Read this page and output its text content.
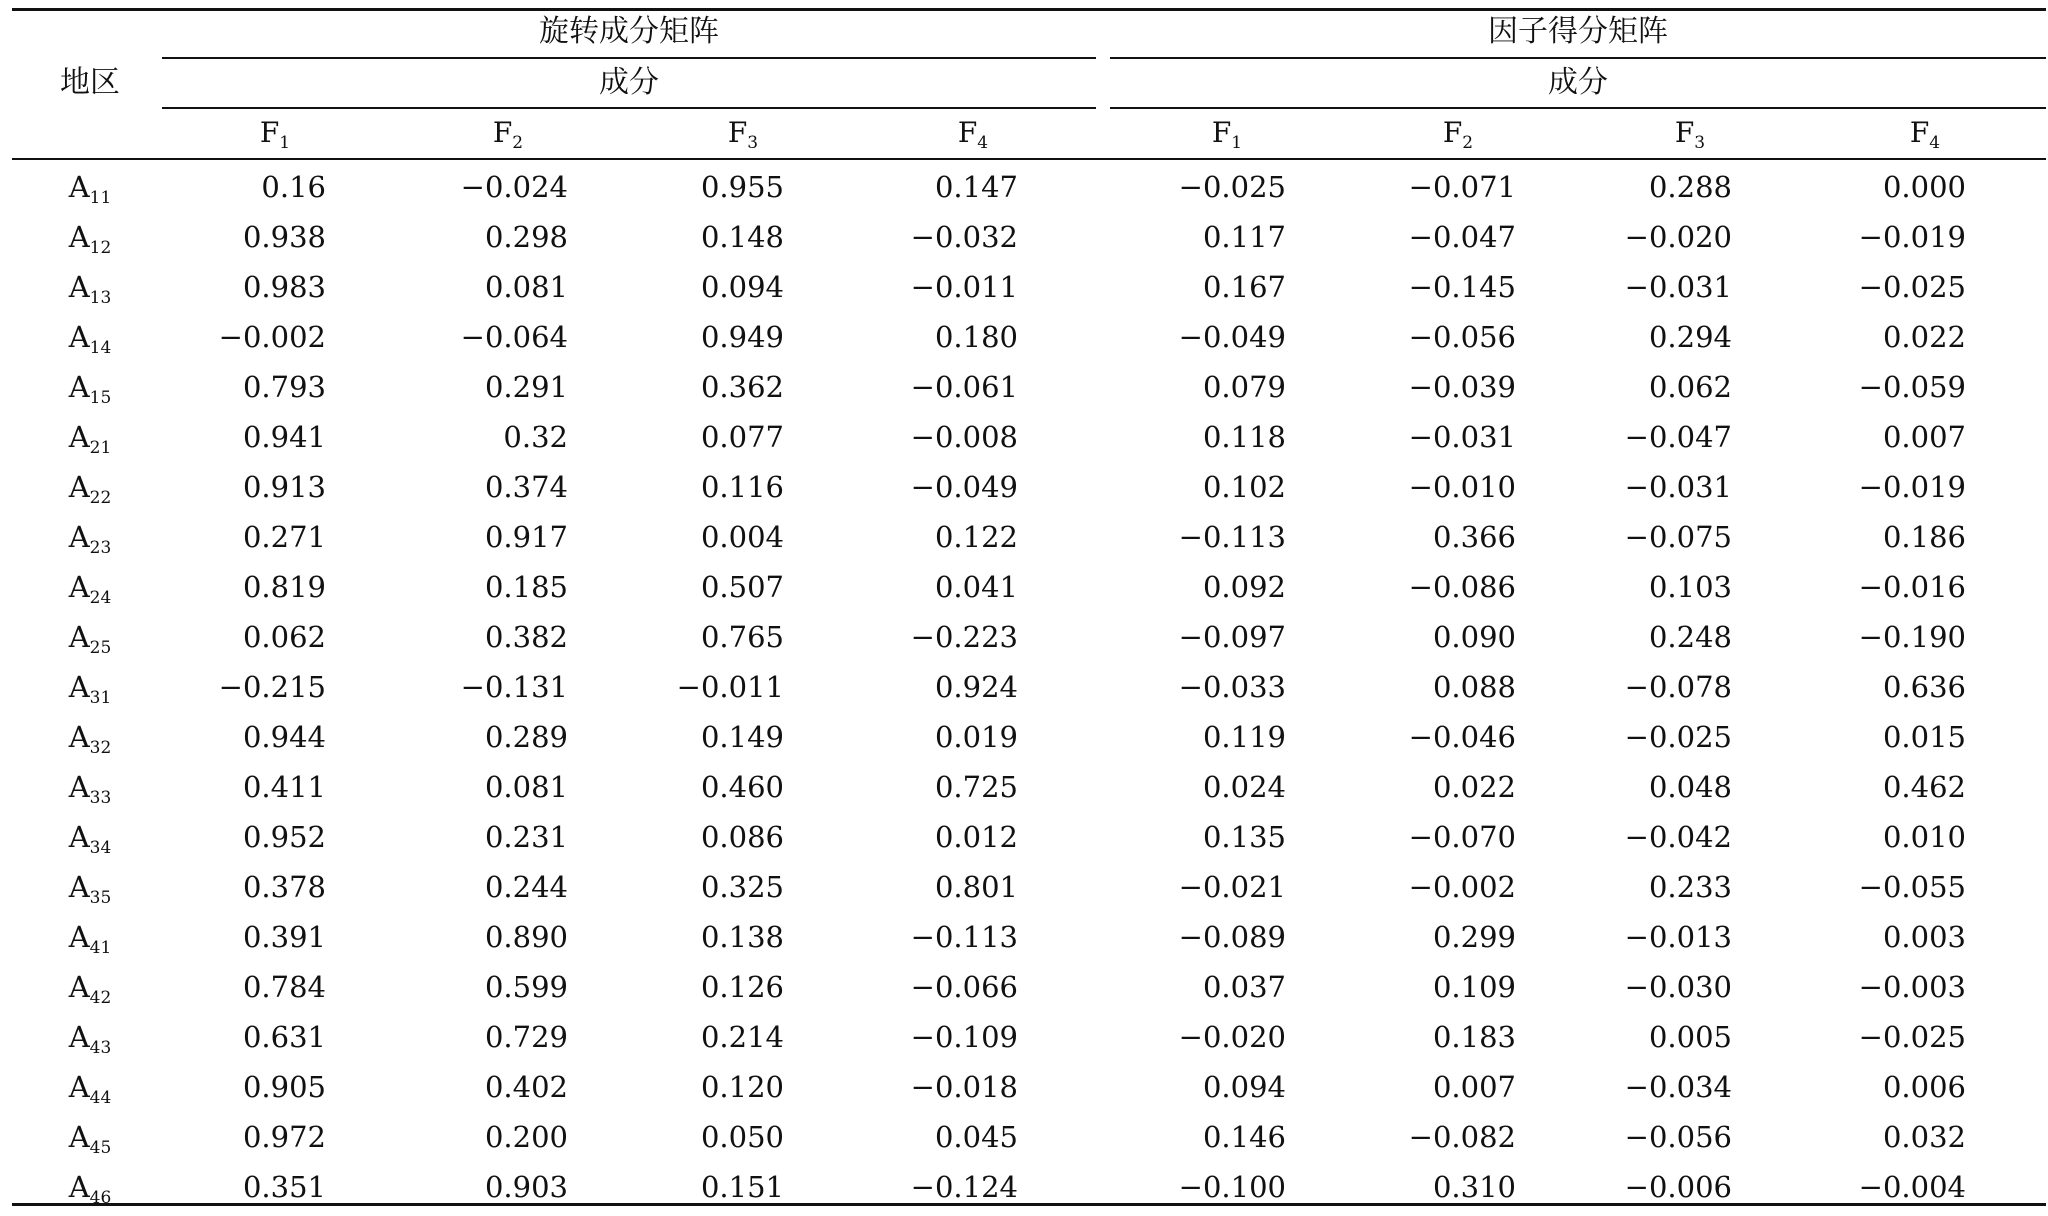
地区
旋转成分矩阵
成分
因子得分矩阵
成分
$F_1$	$F_2$	$F_3$	$F_4$	$F_1$	$F_2$	$F_3$	$F_4$
$A_{11}$	0.16	−0.024	0.955	0.147	−0.025	−0.071	0.288	0.000
$A_{12}$	0.938	0.298	0.148	−0.032	0.117	−0.047	−0.020	−0.019
$A_{13}$	0.983	0.081	0.094	−0.011	0.167	−0.145	−0.031	−0.025
$A_{14}$	−0.002	−0.064	0.949	0.180	−0.049	−0.056	0.294	0.022
$A_{15}$	0.793	0.291	0.362	−0.061	0.079	−0.039	0.062	−0.059
$A_{21}$	0.941	0.32	0.077	−0.008	0.118	−0.031	−0.047	0.007
$A_{22}$	0.913	0.374	0.116	−0.049	0.102	−0.010	−0.031	−0.019
$A_{23}$	0.271	0.917	0.004	0.122	−0.113	0.366	−0.075	0.186
$A_{24}$	0.819	0.185	0.507	0.041	0.092	−0.086	0.103	−0.016
$A_{25}$	0.062	0.382	0.765	−0.223	−0.097	0.090	0.248	−0.190
$A_{31}$	−0.215	−0.131	−0.011	0.924	−0.033	0.088	−0.078	0.636
$A_{32}$	0.944	0.289	0.149	0.019	0.119	−0.046	−0.025	0.015
$A_{33}$	0.411	0.081	0.460	0.725	0.024	0.022	0.048	0.462
$A_{34}$	0.952	0.231	0.086	0.012	0.135	−0.070	−0.042	0.010
$A_{35}$	0.378	0.244	0.325	0.801	−0.021	−0.002	0.233	−0.055
$A_{41}$	0.391	0.890	0.138	−0.113	−0.089	0.299	−0.013	0.003
$A_{42}$	0.784	0.599	0.126	−0.066	0.037	0.109	−0.030	−0.003
$A_{43}$	0.631	0.729	0.214	−0.109	−0.020	0.183	0.005	−0.025
$A_{44}$	0.905	0.402	0.120	−0.018	0.094	0.007	−0.034	0.006
$A_{45}$	0.972	0.200	0.050	0.045	0.146	−0.082	−0.056	0.032
$A_{46}$	0.351	0.903	0.151	−0.124	−0.100	0.310	−0.006	−0.004
